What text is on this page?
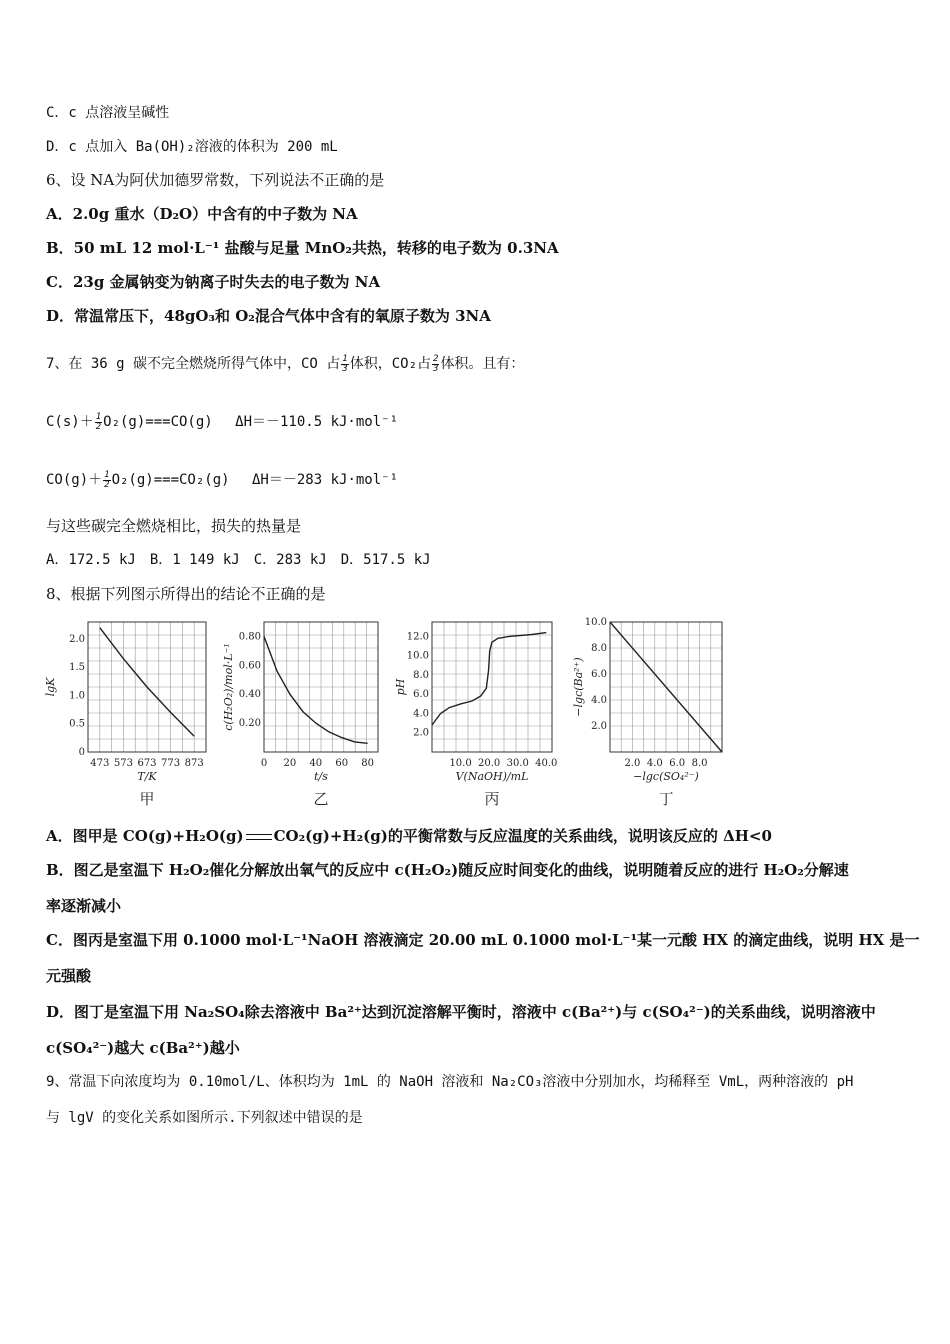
C．c 点溶液呈碱性
D．c 点加入 Ba(OH)₂溶液的体积为 200 mL
6、设 NA为阿伏加德罗常数，下列说法不正确的是
A．2.0g 重水（D₂O）中含有的中子数为 NA
B．50 mL 12 mol·L⁻¹ 盐酸与足量 MnO₂共热，转移的电子数为 0.3NA
C．23g 金属钠变为钠离子时失去的电子数为 NA
D．常温常压下，48gO₃和 O₂混合气体中含有的氧原子数为 3NA
7、在 36 g 碳不完全燃烧所得气体中，CO 占 $\frac{1}{3}$ 体积，CO₂占 $\frac{2}{3}$ 体积。且有：
$C(s)+ \frac{1}{2} O_2(g)===CO(g)$　 ΔH＝－110.5 kJ·mol⁻¹
$CO(g)+ \frac{1}{2} O_2(g)===CO_2(g)$　 ΔH＝－283 kJ·mol⁻¹
与这些碳完全燃烧相比，损失的热量是
A．172.5 kJ　B．1 149 kJ　C．283 kJ　D．517.5 kJ
8、根据下列图示所得出的结论不正确的是
473 573 673 773 873
0
0.5
1.0
1.5
2.0
T/K
lgK
甲
0 20 40 60 80
0.20
0.40
0.60
0.80
t/s
c(H₂O₂)/mol·L⁻¹
乙
10.0 20.0 30.0 40.0
2.0
4.0
6.0
8.0
10.0
12.0
V(NaOH)/mL
pH
丙
2.0 4.0 6.0 8.0
2.0
4.0
6.0
8.0
10.0
−lgc(SO₄²⁻)
−lgc(Ba²⁺)
丁
A．图甲是 CO(g)+H₂O(g) CO₂(g)+H₂(g)的平衡常数与反应温度的关系曲线，说明该反应的 ΔH<0
B．图乙是室温下 H₂O₂催化分解放出氧气的反应中 c(H₂O₂)随反应时间变化的曲线，说明随着反应的进行 H₂O₂分解速
率逐渐减小
C．图丙是室温下用 0.1000 mol·L⁻¹NaOH 溶液滴定 20.00 mL 0.1000 mol·L⁻¹某一元酸 HX 的滴定曲线，说明 HX 是一
元强酸
D．图丁是室温下用 Na₂SO₄除去溶液中 Ba²⁺达到沉淀溶解平衡时，溶液中 c(Ba²⁺)与 c(SO₄²⁻)的关系曲线，说明溶液中
c(SO₄²⁻)越大 c(Ba²⁺)越小
9、常温下向浓度均为 0.10mol/L、体积均为 1mL 的 NaOH 溶液和 Na₂CO₃溶液中分别加水，均稀释至 VmL，两种溶液的 pH
与 lgV 的变化关系如图所示.下列叙述中错误的是
